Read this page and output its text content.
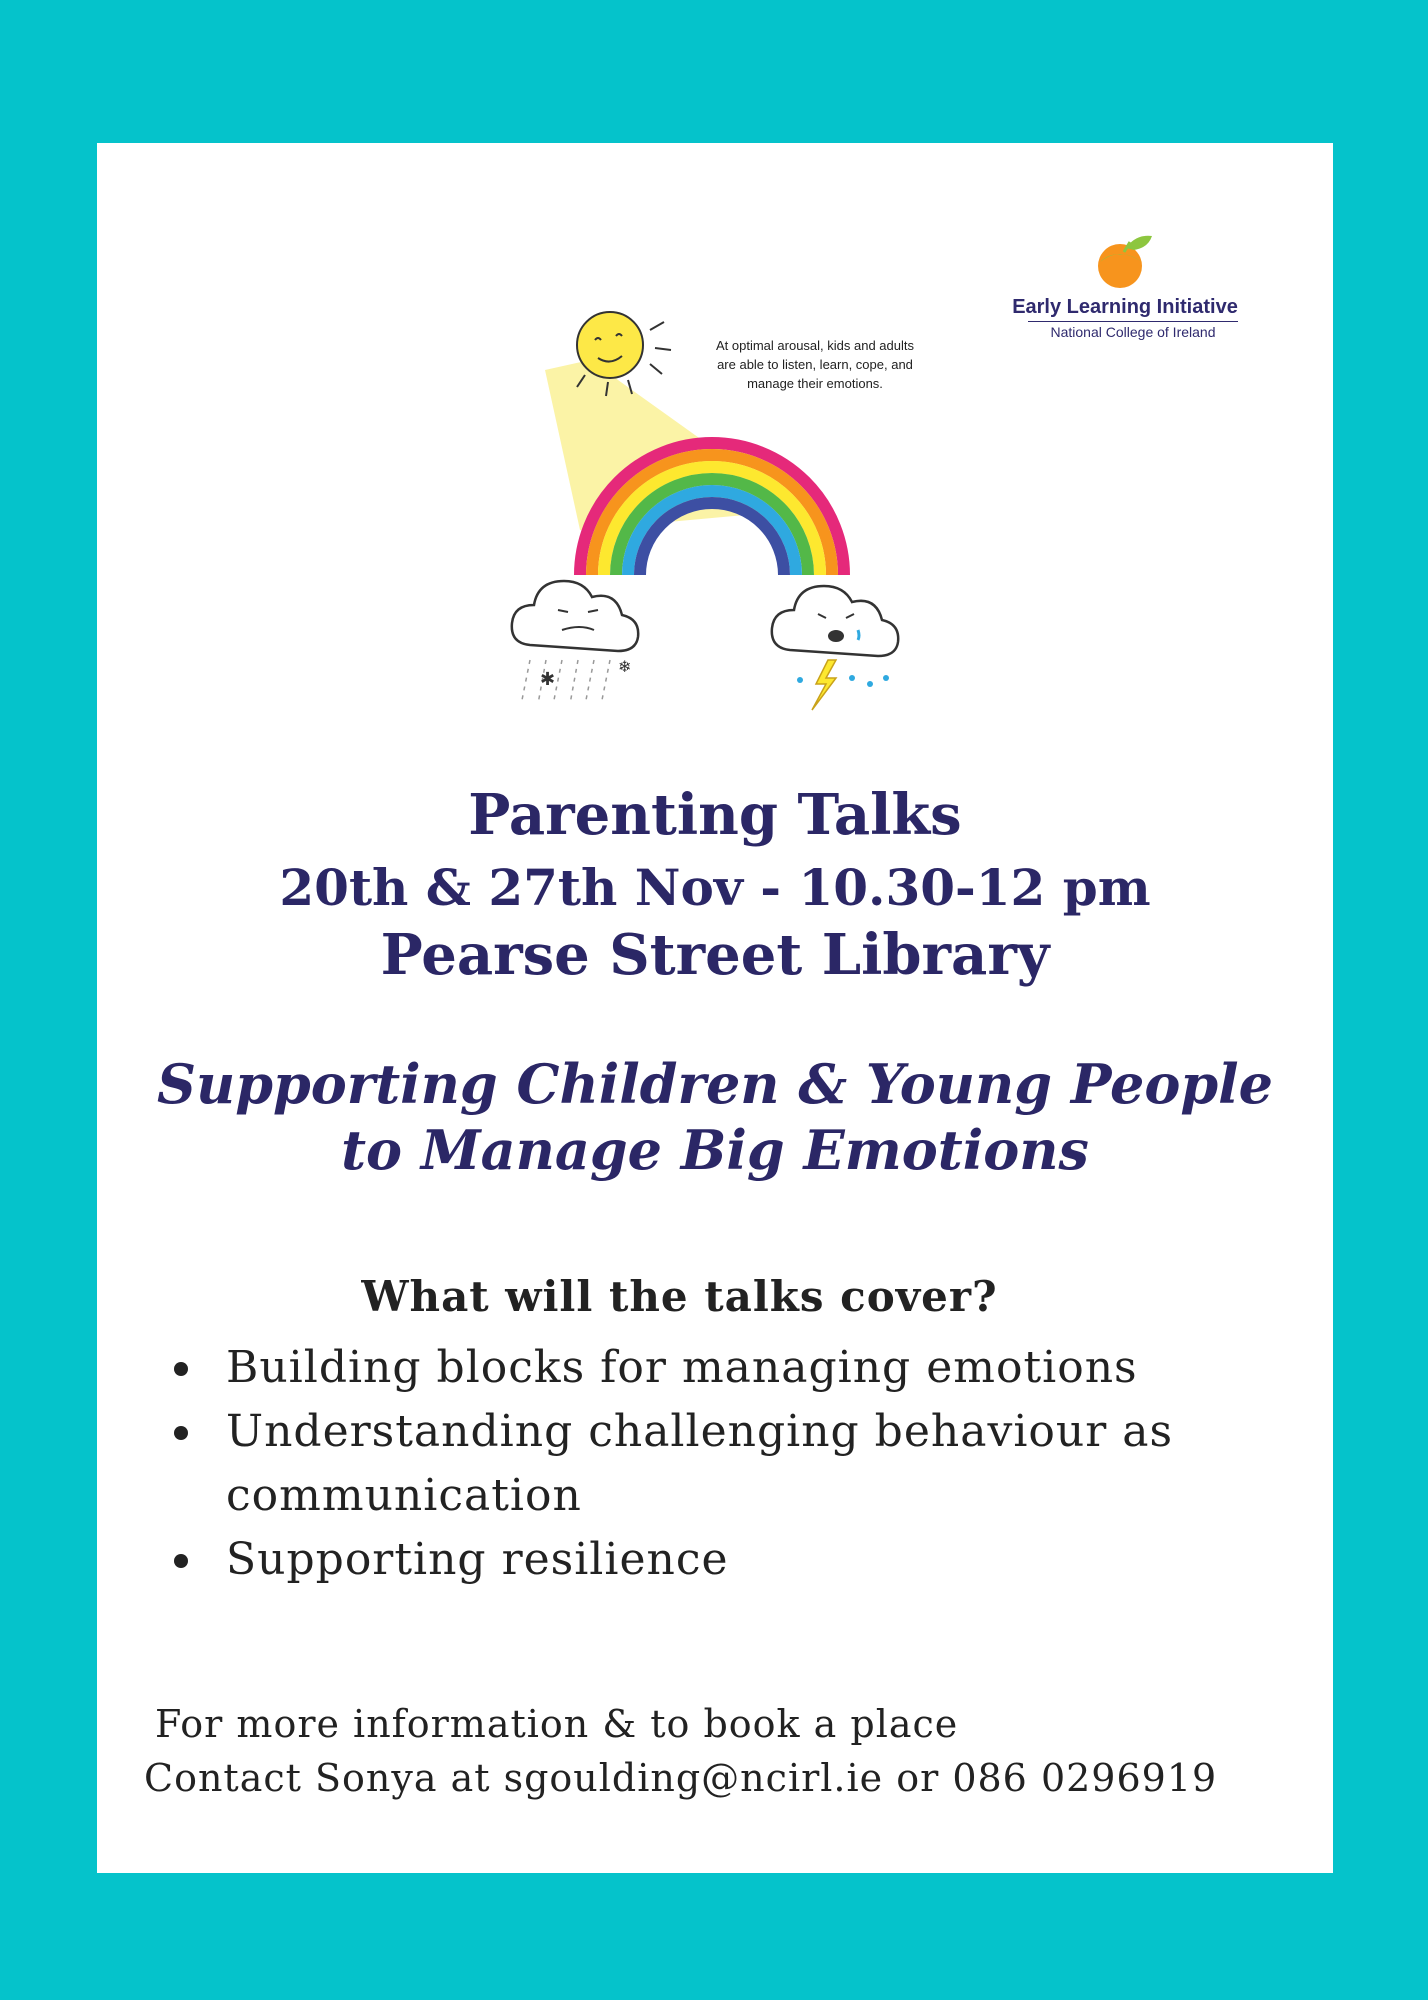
Early Learning Initiative
National College of Ireland
✱
❄
At optimal arousal, kids and adults are able to listen, learn, cope, and manage their emotions.
Parenting Talks
20th & 27th Nov - 10.30-12 pm
Pearse Street Library
Supporting Children & Young People
to Manage Big Emotions
What will the talks cover?
Building blocks for managing emotions
Understanding challenging behaviour as communication
Supporting resilience
For more information & to book a place
Contact Sonya at sgoulding@ncirl.ie or 086 0296919
